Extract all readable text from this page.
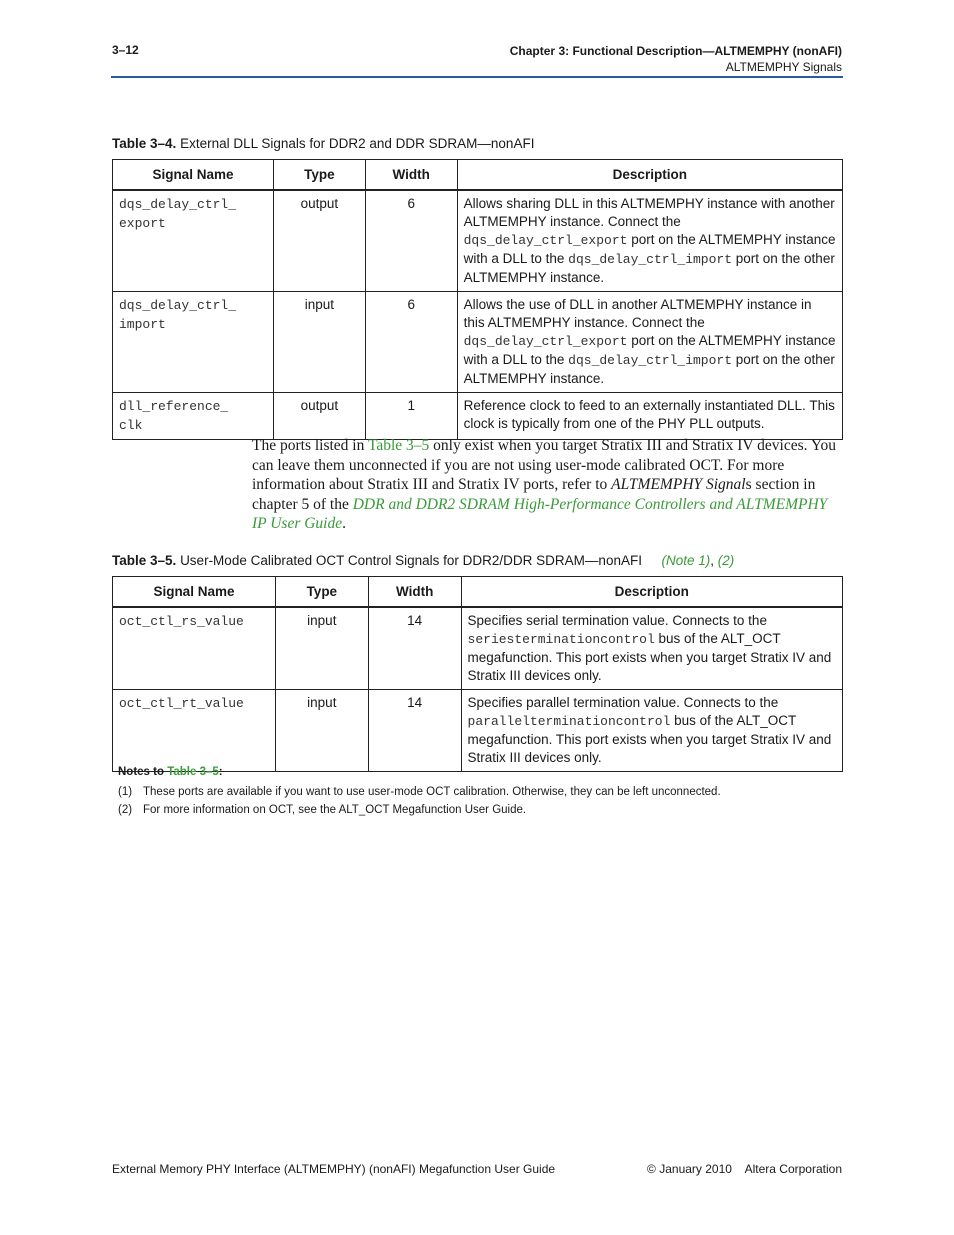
3–12	Chapter 3: Functional Description—ALTMEMPHY (nonAFI)
ALTMEMPHY Signals
Table 3–4. External DLL Signals for DDR2 and DDR SDRAM—nonAFI
Signal Name	Type	Width	Description
dqs_delay_ctrl_
export	output	6	Allows sharing DLL in this ALTMEMPHY instance with another ALTMEMPHY instance. Connect the
dqs_delay_ctrl_export port on the ALTMEMPHY instance with a DLL to the dqs_delay_ctrl_import port on the other ALTMEMPHY instance.
dqs_delay_ctrl_
import	input	6	Allows the use of DLL in another ALTMEMPHY instance in this ALTMEMPHY instance. Connect the
dqs_delay_ctrl_export port on the ALTMEMPHY instance with a DLL to the dqs_delay_ctrl_import port on the other ALTMEMPHY instance.
dll_reference_
clk	output	1	Reference clock to feed to an externally instantiated DLL. This clock is typically from one of the PHY PLL outputs.
The ports listed in Table 3–5 only exist when you target Stratix III and Stratix IV devices. You can leave them unconnected if you are not using user-mode calibrated OCT. For more information about Stratix III and Stratix IV ports, refer to ALTMEMPHY Signals section in chapter 5 of the DDR and DDR2 SDRAM High-Performance Controllers and ALTMEMPHY IP User Guide.
Table 3–5. User-Mode Calibrated OCT Control Signals for DDR2/DDR SDRAM—nonAFI (Note 1), (2)
Signal Name	Type	Width	Description
oct_ctl_rs_value	input	14	Specifies serial termination value. Connects to the
seriesterminationcontrol bus of the ALT_OCT megafunction. This port exists when you target Stratix IV and Stratix III devices only.
oct_ctl_rt_value	input	14	Specifies parallel termination value. Connects to the
parallelterminationcontrol bus of the ALT_OCT megafunction. This port exists when you target Stratix IV and Stratix III devices only.
Notes to Table 3–5:
(1) These ports are available if you want to use user-mode OCT calibration. Otherwise, they can be left unconnected.
(2) For more information on OCT, see the ALT_OCT Megafunction User Guide.
External Memory PHY Interface (ALTMEMPHY) (nonAFI) Megafunction User Guide	© January 2010    Altera Corporation
